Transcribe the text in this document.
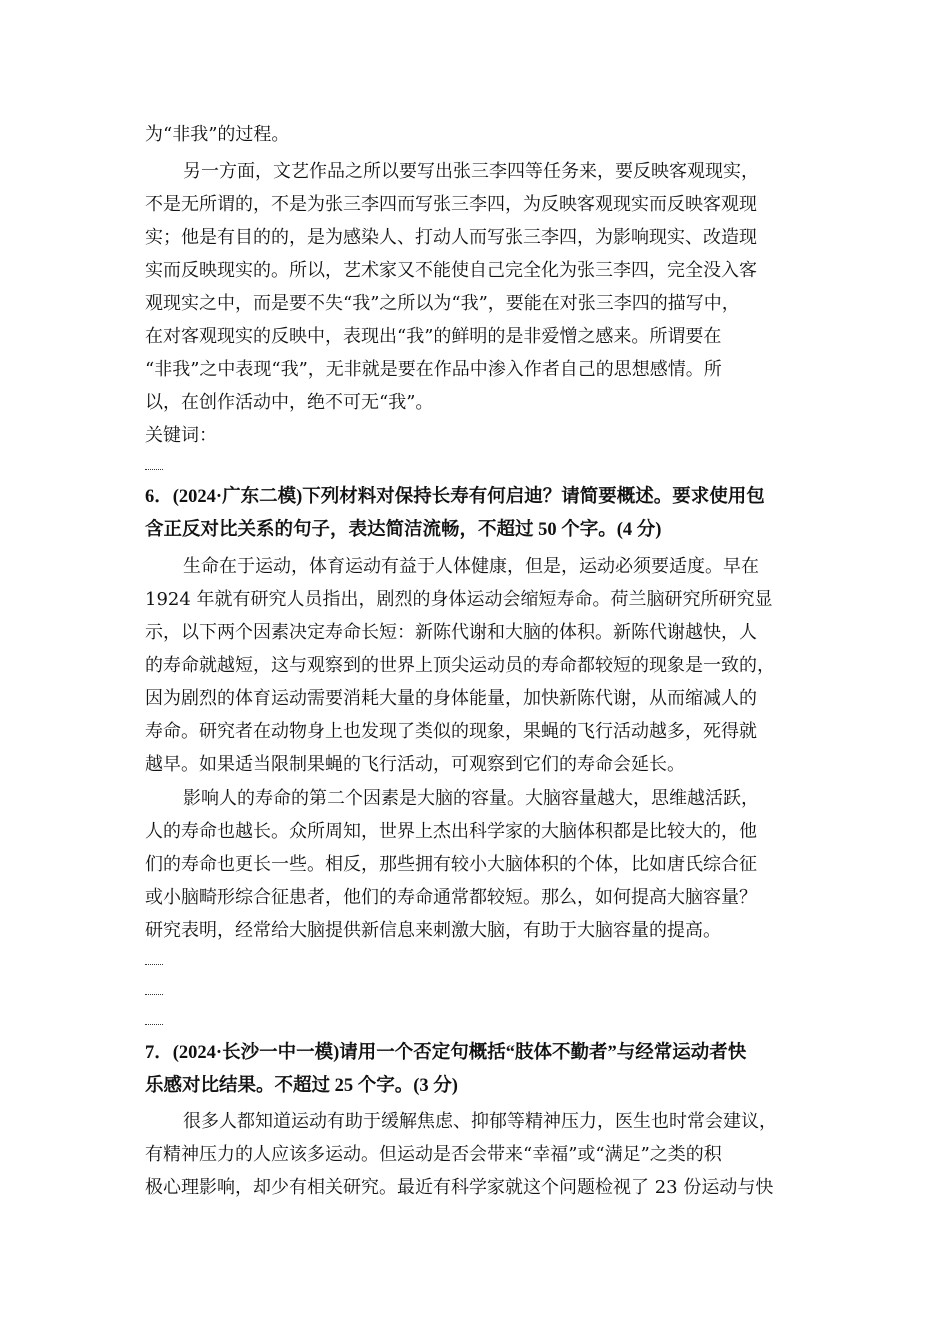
为“非我”的过程。
另一方面，文艺作品之所以要写出张三李四等任务来，要反映客观现实，
不是无所谓的，不是为张三李四而写张三李四，为反映客观现实而反映客观现
实；他是有目的的，是为感染人、打动人而写张三李四，为影响现实、改造现
实而反映现实的。所以，艺术家又不能使自己完全化为张三李四，完全没入客
观现实之中，而是要不失“我”之所以为“我”，要能在对张三李四的描写中，
在对客观现实的反映中，表现出“我”的鲜明的是非爱憎之感来。所谓要在
“非我”之中表现“我”，无非就是要在作品中渗入作者自己的思想感情。所
以，在创作活动中，绝不可无“我”。
关键词：
6．(2024·广东二模)下列材料对保持长寿有何启迪？请简要概述。要求使用包
含正反对比关系的句子，表达简洁流畅，不超过 50 个字。(4 分)
生命在于运动，体育运动有益于人体健康，但是，运动必须要适度。早在
1924 年就有研究人员指出，剧烈的身体运动会缩短寿命。荷兰脑研究所研究显
示，以下两个因素决定寿命长短：新陈代谢和大脑的体积。新陈代谢越快，人
的寿命就越短，这与观察到的世界上顶尖运动员的寿命都较短的现象是一致的，
因为剧烈的体育运动需要消耗大量的身体能量，加快新陈代谢，从而缩减人的
寿命。研究者在动物身上也发现了类似的现象，果蝇的飞行活动越多，死得就
越早。如果适当限制果蝇的飞行活动，可观察到它们的寿命会延长。
影响人的寿命的第二个因素是大脑的容量。大脑容量越大，思维越活跃，
人的寿命也越长。众所周知，世界上杰出科学家的大脑体积都是比较大的，他
们的寿命也更长一些。相反，那些拥有较小大脑体积的个体，比如唐氏综合征
或小脑畸形综合征患者，他们的寿命通常都较短。那么，如何提高大脑容量？
研究表明，经常给大脑提供新信息来刺激大脑，有助于大脑容量的提高。
7．(2024·长沙一中一模)请用一个否定句概括“肢体不勤者”与经常运动者快
乐感对比结果。不超过 25 个字。(3 分)
很多人都知道运动有助于缓解焦虑、抑郁等精神压力，医生也时常会建议，
有精神压力的人应该多运动。但运动是否会带来“幸福”或“满足”之类的积
极心理影响，却少有相关研究。最近有科学家就这个问题检视了 23 份运动与快
